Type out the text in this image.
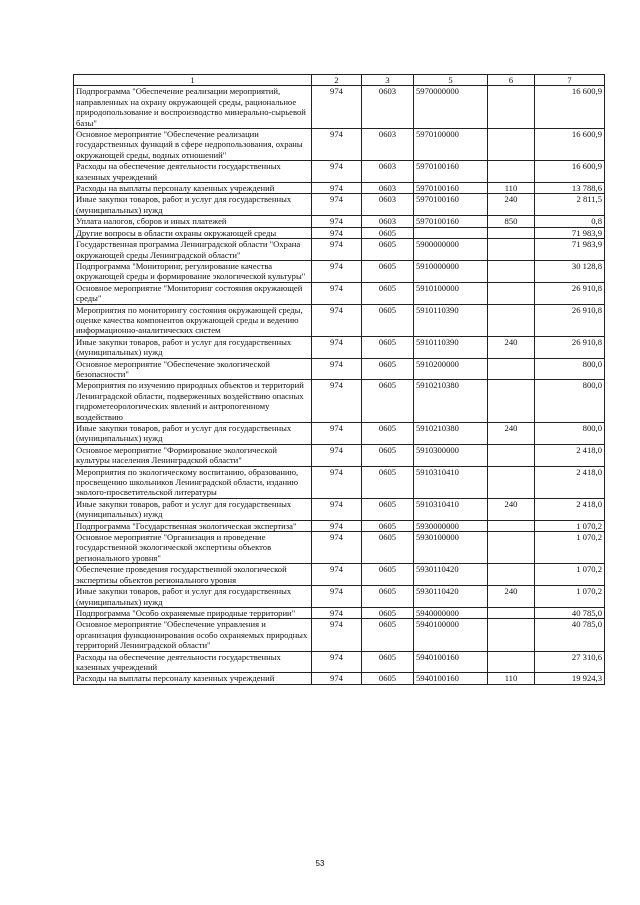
1	2	3	5	6	7
Подпрограмма "Обеспечение реализации мероприятий, направленных на охрану окружающей среды, рациональное природопользование и воспроизводство минерально-сырьевой базы"	974	0603	5970000000		16 600,9
Основное мероприятие "Обеспечение реализации государственных функций в сфере недропользования, охраны окружающей среды, водных отношений"	974	0603	5970100000		16 600,9
Расходы на обеспечение деятельности государственных казенных учреждений	974	0603	5970100160		16 600,9
Расходы на выплаты персоналу казенных учреждений	974	0603	5970100160	110	13 788,6
Иные закупки товаров, работ и услуг для государственных (муниципальных) нужд	974	0603	5970100160	240	2 811,5
Уплата налогов, сборов и иных платежей	974	0603	5970100160	850	0,8
Другие вопросы в области охраны окружающей среды	974	0605			71 983,9
Государственная программа Ленинградской области "Охрана окружающей среды Ленинградской области"	974	0605	5900000000		71 983,9
Подпрограмма "Мониторинг, регулирование качества окружающей среды и формирование экологической культуры"	974	0605	5910000000		30 128,8
Основное мероприятие "Мониторинг состояния окружающей среды"	974	0605	5910100000		26 910,8
Мероприятия по мониторингу состояния окружающей среды, оценке качества компонентов окружающей среды и ведению информационно-аналитических систем	974	0605	5910110390		26 910,8
Иные закупки товаров, работ и услуг для государственных (муниципальных) нужд	974	0605	5910110390	240	26 910,8
Основное мероприятие "Обеспечение экологической безопасности"	974	0605	5910200000		800,0
Мероприятия по изучению природных объектов и территорий Ленинградской области, подверженных воздействию опасных гидрометеорологических явлений и антропогенному воздействию	974	0605	5910210380		800,0
Иные закупки товаров, работ и услуг для государственных (муниципальных) нужд	974	0605	5910210380	240	800,0
Основное мероприятие "Формирование экологической культуры населения Ленинградской области"	974	0605	5910300000		2 418,0
Мероприятия по экологическому воспитанию, образованию, просвещению школьников Ленинградской области, изданию эколого-просветительской литературы	974	0605	5910310410		2 418,0
Иные закупки товаров, работ и услуг для государственных (муниципальных) нужд	974	0605	5910310410	240	2 418,0
Подпрограмма "Государственная экологическая экспертиза"	974	0605	5930000000		1 070,2
Основное мероприятие "Организация и проведение государственной экологической экспертизы объектов регионального уровня"	974	0605	5930100000		1 070,2
Обеспечение проведения государственной экологической экспертизы объектов регионального уровня	974	0605	5930110420		1 070,2
Иные закупки товаров, работ и услуг для государственных (муниципальных) нужд	974	0605	5930110420	240	1 070,2
Подпрограмма "Особо охраняемые природные территории"	974	0605	5940000000		40 785,0
Основное мероприятие "Обеспечение управления и организация функционирования особо охраняемых природных территорий Ленинградской области"	974	0605	5940100000		40 785,0
Расходы на обеспечение деятельности государственных казенных учреждений	974	0605	5940100160		27 310,6
Расходы на выплаты персоналу казенных учреждений	974	0605	5940100160	110	19 924,3
53
